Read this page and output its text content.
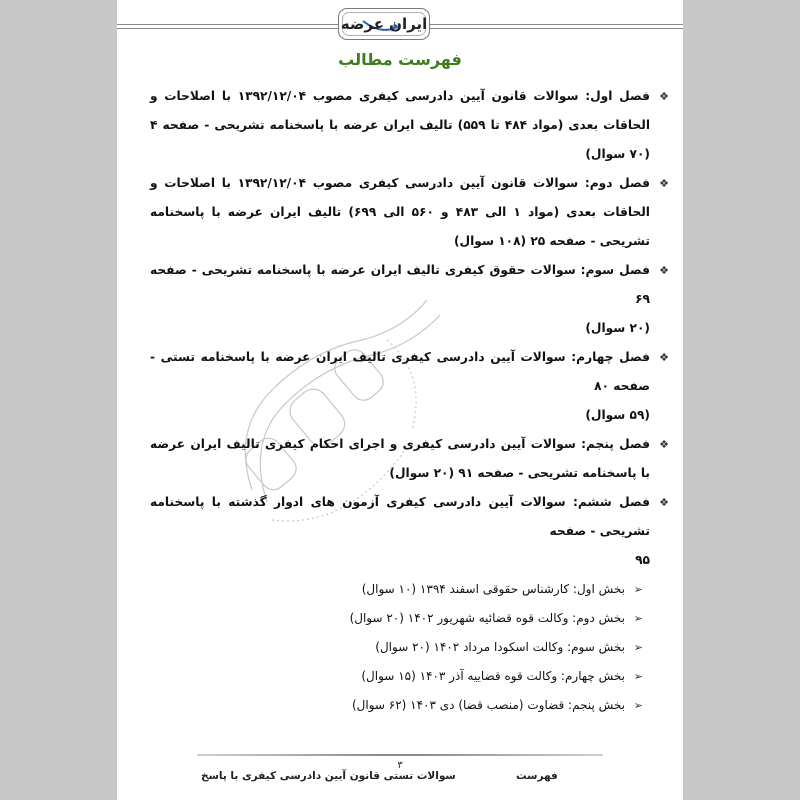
ایران عرضه
فهرست مطالب
ایران عرضه
❖
فصل اول: سوالات قانون آیین دادرسی کیفری مصوب ۱۳۹۲/۱۲/۰۴ با اصلاحات و الحاقات بعدی (مواد ۴۸۴ تا ۵۵۹) تالیف ایران عرضه با پاسخنامه تشریحی - صفحه ۴ (۷۰ سوال)
❖
فصل دوم: سوالات قانون آیین دادرسی کیفری مصوب ۱۳۹۲/۱۲/۰۴ با اصلاحات و الحاقات بعدی (مواد ۱ الی ۴۸۳ و ۵۶۰ الی ۶۹۹) تالیف ایران عرضه با پاسخنامه تشریحی - صفحه ۲۵ (۱۰۸ سوال)
❖
فصل سوم: سوالات حقوق کیفری تالیف ایران عرضه با پاسخنامه تشریحی - صفحه ۶۹
(۲۰ سوال)
❖
فصل چهارم: سوالات آیین دادرسی کیفری تالیف ایران عرضه با پاسخنامه تستی - صفحه ۸۰
(۵۹ سوال)
❖
فصل پنجم: سوالات آیین دادرسی کیفری و اجرای احکام کیفری تالیف ایران عرضه با پاسخنامه تشریحی - صفحه ۹۱ (۲۰ سوال)
❖
فصل ششم: سوالات آیین دادرسی کیفری آزمون های ادوار گذشته با پاسخنامه تشریحی - صفحه
۹۵
➢
بخش اول: کارشناس حقوقی اسفند ۱۳۹۴ (۱۰ سوال)
➢
بخش دوم: وکالت قوه قضائیه شهریور ۱۴۰۲ (۲۰ سوال)
➢
بخش سوم: وکالت اسکودا مرداد ۱۴۰۲ (۲۰ سوال)
➢
بخش چهارم: وکالت قوه قضاییه آذر ۱۴۰۳ (۱۵ سوال)
➢
بخش پنجم: قضاوت (منصب قضا) دی ۱۴۰۳ (۶۲ سوال)
۳
سوالات تستی قانون آیین دادرسی کیفری با پاسخ	فهرست
